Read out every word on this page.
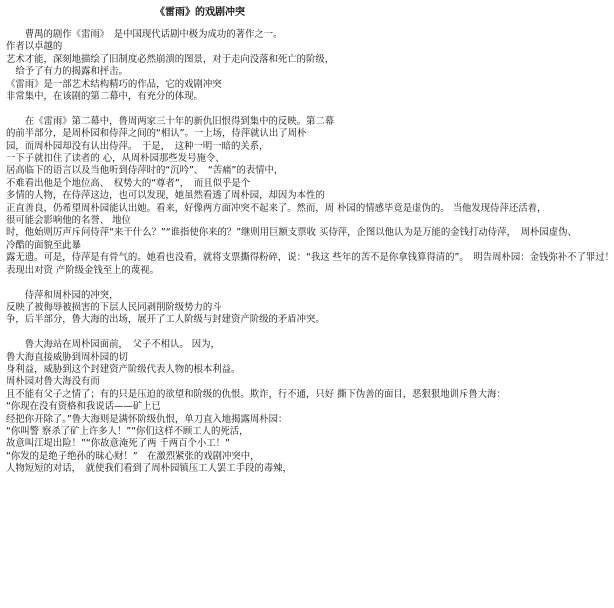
《雷雨》的戏剧冲突
　　曹禺的剧作《雷雨》　是中国现代话剧中极为成功的著作之一。
作者以卓越的
艺术才能，深刻地描绘了旧制度必然崩溃的图景，对于走向没落和死亡的阶级，
　给予了有力的揭露和抨击。
《雷雨》是一部艺术结构精巧的作品，它的戏剧冲突
非常集中，在该剧的第二幕中，有充分的体现。
　　在《雷雨》第二幕中，鲁周两家三十年的新仇旧恨得到集中的反映。第二幕
的前半部分，是周朴园和侍萍之间的“相认”。一上场，侍萍就认出了周朴
园，而周朴园却没有认出侍萍。　于是，　这种一明一暗的关系，
一下子就扣住了读者的 心，从周朴园那些发号施令、
居高临下的语言以及当他听到侍萍时的“沉吟”、　“苦痛”的表情中，
不难看出他是个地位高、　权势大的“尊者”，　而且似乎是个
多情的人物，在侍萍这边，也可以发现，她虽然看透了周朴园，却因为本性的
正直善良，仍希望周朴园能认出她。看来，好像两方面冲突不起来了。然而，周 朴园的情感毕竟是虚伪的。 当他发现侍萍还活着，
很可能会影响他的名誉、 地位
时，他始则厉声斥问侍萍“来干什么？”“谁指使你来的？”继则用巨额支票收 买侍萍，企图以他认为是万能的金钱打动侍萍，　周朴园虚伪、
冷酷的面貌至此暴
露无遗。可是，侍萍是有骨气的。她看也没看，就将支票撕得粉碎，说：“我这 些年的苦不是你拿钱算得清的”。　明告周朴园：金钱弥补不了罪过！
表现出对资 产阶级金钱至上的蔑视。
　　侍萍和周朴园的冲突，
反映了被侮辱被损害的下层人民同剥削阶级势力的斗
争，后半部分，鲁大海的出场，展开了工人阶级与封建资产阶级的矛盾冲突。
　　鲁大海站在周朴园面前，　父子不相认。 因为，
鲁大海直接威胁到周朴园的切
身利益，威胁到这个封建资产阶级代表人物的根本利益。
周朴园对鲁大海没有而
且不能有父子之情了；有的只是压迫的欲望和阶级的仇恨。欺诈，行不通，只好 撕下伪善的面目，恶狠狠地训斥鲁大海：
“你现在没有资格和我说话——矿上已
经把你开除了。”鲁大海则是满怀阶级仇恨，单刀直入地揭露周朴园：
“你叫警 察杀了矿上许多人！”“你们这样不顾工人的死活，
故意叫江堤出险！”“你故意淹死了两 千两百个小工！”
“你发的是绝子绝孙的昧心财！”　在激烈紧张的戏剧冲突中，
人物短短的对话，　就使我们看到了周朴园镇压工人罢工手段的毒辣，
